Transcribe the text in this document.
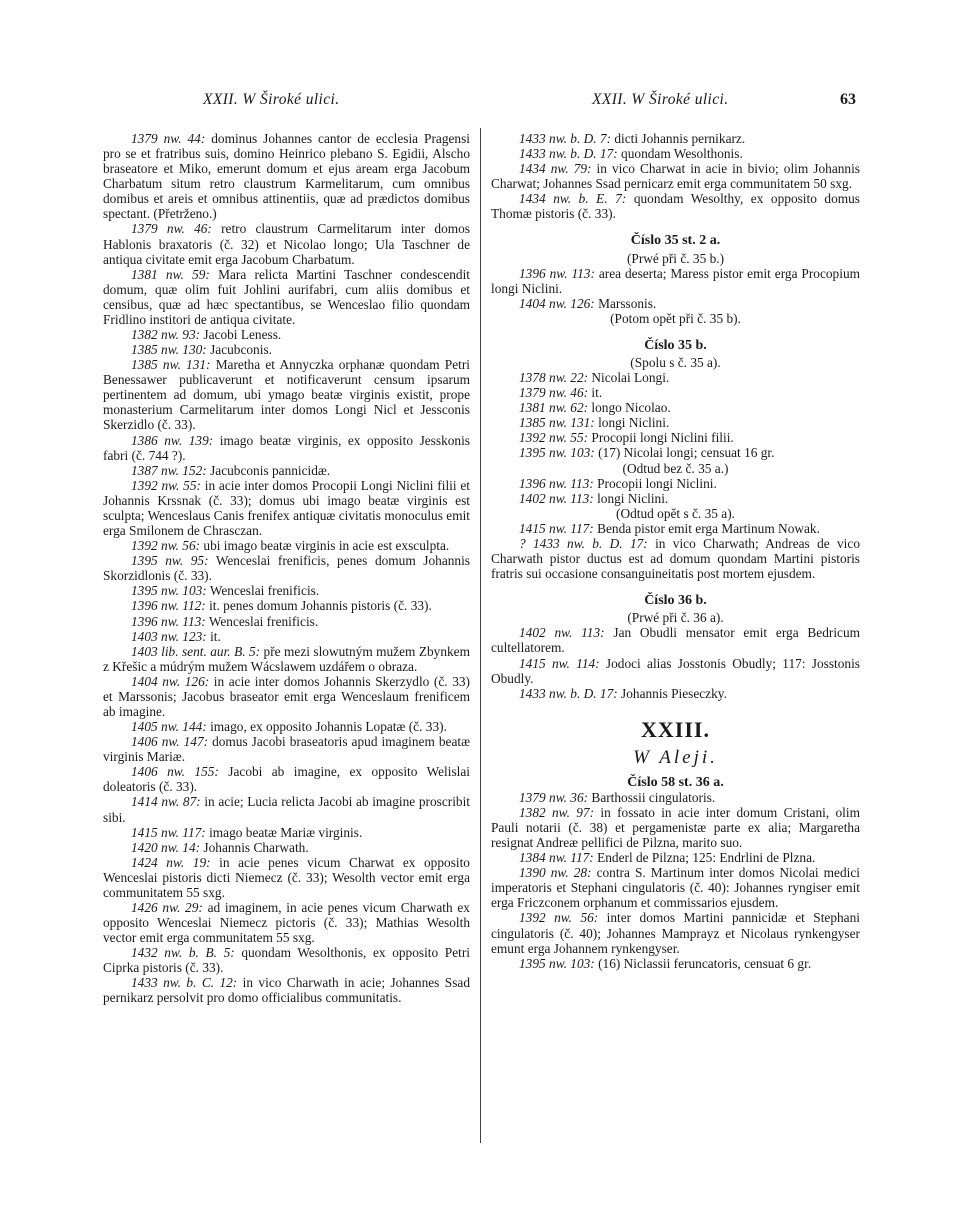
XXII. W Široké ulici.	XXII. W Široké ulici.	63

1379 nw. 44: dominus Johannes cantor de ecclesia Pragensi pro se et fratribus suis, domino Heinrico plebano S. Egidii, Alscho braseatore et Miko, emerunt domum et ejus aream erga Jacobum Charbatum situm retro claustrum Karmelitarum, cum omnibus domibus et areis et omnibus attinentiis, quæ ad prædictos domibus spectant. (Přetrženo.)

1379 nw. 46: retro claustrum Carmelitarum inter domos Hablonis braxatoris (č. 32) et Nicolao longo; Ula Taschner de antiqua civitate emit erga Jacobum Charbatum.

1381 nw. 59: Mara relicta Martini Taschner condescendit domum, quæ olim fuit Johlini aurifabri, cum aliis domibus et censibus, quæ ad hæc spectantibus, se Wenceslao filio quondam Fridlino institori de antiqua civitate.

1382 nw. 93: Jacobi Leness.

1385 nw. 130: Jacubconis.

1385 nw. 131: Maretha et Annyczka orphanæ quondam Petri Benessawer publicaverunt et notificaverunt censum ipsarum pertinentem ad domum, ubi ymago beatæ virginis existit, prope monasterium Carmelitarum inter domos Longi Nicl et Jessconis Skerzidlo (č. 33).

1386 nw. 139: imago beatæ virginis, ex opposito Jesskonis fabri (č. 744 ?).

1387 nw. 152: Jacubconis pannicidæ.

1392 nw. 55: in acie inter domos Procopii Longi Niclini filii et Johannis Krssnak (č. 33); domus ubi imago beatæ virginis est sculpta; Wenceslaus Canis frenifex antiquæ civitatis monoculus emit erga Smilonem de Chrasczan.

1392 nw. 56: ubi imago beatæ virginis in acie est exsculpta.

1395 nw. 95: Wenceslai frenificis, penes domum Johannis Skorzidlonis (č. 33).

1395 nw. 103: Wenceslai frenificis.

1396 nw. 112: it. penes domum Johannis pistoris (č. 33).

1396 nw. 113: Wenceslai frenificis.

1403 nw. 123: it.

1403 lib. sent. aur. B. 5: pře mezi slowutným mužem Zbynkem z Křešic a múdrým mužem Wácslawem uzdářem o obraza.

1404 nw. 126: in acie inter domos Johannis Skerzydlo (č. 33) et Marssonis; Jacobus braseator emit erga Wenceslaum frenificem ab imagine.

1405 nw. 144: imago, ex opposito Johannis Lopatæ (č. 33).

1406 nw. 147: domus Jacobi braseatoris apud imaginem beatæ virginis Mariæ.

1406 nw. 155: Jacobi ab imagine, ex opposito Welislai doleatoris (č. 33).

1414 nw. 87: in acie; Lucia relicta Jacobi ab imagine proscribit sibi.

1415 nw. 117: imago beatæ Mariæ virginis.

1420 nw. 14: Johannis Charwath.

1424 nw. 19: in acie penes vicum Charwat ex opposito Wenceslai pistoris dicti Niemecz (č. 33); Wesolth vector emit erga communitatem 55 sxg.

1426 nw. 29: ad imaginem, in acie penes vicum Charwath ex opposito Wenceslai Niemecz pictoris (č. 33); Mathias Wesolth vector emit erga communitatem 55 sxg.

1432 nw. b. B. 5: quondam Wesolthonis, ex opposito Petri Ciprka pistoris (č. 33).

1433 nw. b. C. 12: in vico Charwath in acie; Johannes Ssad pernikarz persolvit pro domo officialibus communitatis.

1433 nw. b. D. 7: dicti Johannis pernikarz.

1433 nw. b. D. 17: quondam Wesolthonis.

1434 nw. 79: in vico Charwat in acie in bivio; olim Johannis Charwat; Johannes Ssad pernicarz emit erga communitatem 50 sxg.

1434 nw. b. E. 7: quondam Wesolthy, ex opposito domus Thomæ pistoris (č. 33).

Číslo 35 st. 2 a.

(Prwé při č. 35 b.)

1396 nw. 113: area deserta; Maress pistor emit erga Procopium longi Niclini.

1404 nw. 126: Marssonis.

(Potom opět při č. 35 b).

Číslo 35 b.

(Spolu s č. 35 a).

1378 nw. 22: Nicolai Longi.

1379 nw. 46: it.

1381 nw. 62: longo Nicolao.

1385 nw. 131: longi Niclini.

1392 nw. 55: Procopii longi Niclini filii.

1395 nw. 103: (17) Nicolai longi; censuat 16 gr.

(Odtud bez č. 35 a.)

1396 nw. 113: Procopii longi Niclini.

1402 nw. 113: longi Niclini.

(Odtud opět s č. 35 a).

1415 nw. 117: Benda pistor emit erga Martinum Nowak.

? 1433 nw. b. D. 17: in vico Charwath; Andreas de vico Charwath pistor ductus est ad domum quondam Martini pistoris fratris sui occasione consanguineitatis post mortem ejusdem.

Číslo 36 b.

(Prwé při č. 36 a).

1402 nw. 113: Jan Obudli mensator emit erga Bedricum cultellatorem.

1415 nw. 114: Jodoci alias Josstonis Obudly; 117: Josstonis Obudly.

1433 nw. b. D. 17: Johannis Pieseczky.

XXIII.

W Aleji.

Číslo 58 st. 36 a.

1379 nw. 36: Barthossii cingulatoris.

1382 nw. 97: in fossato in acie inter domum Cristani, olim Pauli notarii (č. 38) et pergamenistæ parte ex alia; Margaretha resignat Andreæ pellifici de Pilzna, marito suo.

1384 nw. 117: Enderl de Pilzna; 125: Endrlini de Plzna.

1390 nw. 28: contra S. Martinum inter domos Nicolai medici imperatoris et Stephani cingulatoris (č. 40): Johannes ryngiser emit erga Friczconem orphanum et commissarios ejusdem.

1392 nw. 56: inter domos Martini pannicidæ et Stephani cingulatoris (č. 40); Johannes Mamprayz et Nicolaus rynkengyser emunt erga Johannem rynkengyser.

1395 nw. 103: (16) Niclassii feruncatoris, censuat 6 gr.
